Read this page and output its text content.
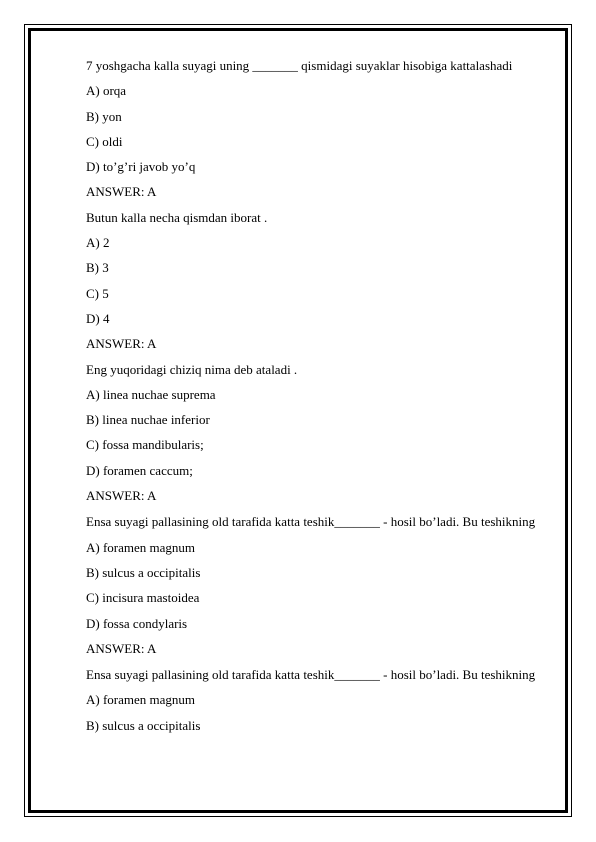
7 yoshgacha kalla suyagi uning _______ qismidagi suyaklar hisobiga kattalashadi

A) orqa

B) yon

C) oldi

D) to’g’ri javob yo’q

ANSWER: A

Butun kalla necha qismdan iborat .

A) 2

B) 3

C) 5

D) 4

ANSWER: A

Eng yuqoridagi chiziq nima deb ataladi .

A) linea nuchae suprema

B) linea nuchae inferior

C) fossa mandibularis;

D) foramen caccum;

ANSWER: A

Ensa suyagi pallasining old tarafida katta teshik_______ - hosil bo’ladi. Bu teshikning

A) foramen magnum

B) sulcus a occipitalis

C) incisura mastoidea

D) fossa condylaris

ANSWER: A

Ensa suyagi pallasining old tarafida katta teshik_______ - hosil bo’ladi. Bu teshikning

A) foramen magnum

B) sulcus a occipitalis
